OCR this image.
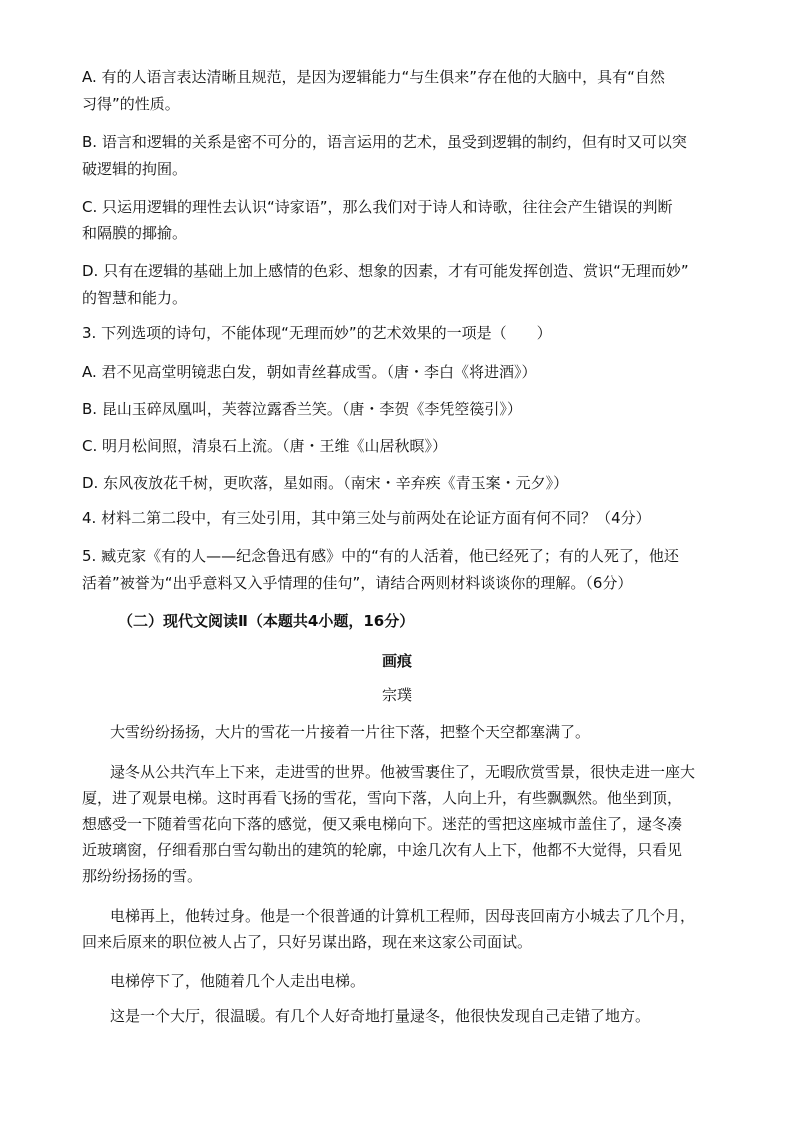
A. 有的人语言表达清晰且规范，是因为逻辑能力“与生俱来”存在他的大脑中，具有“自然
习得”的性质。
B. 语言和逻辑的关系是密不可分的，语言运用的艺术，虽受到逻辑的制约，但有时又可以突
破逻辑的拘囿。
C. 只运用逻辑的理性去认识“诗家语”，那么我们对于诗人和诗歌，往往会产生错误的判断
和隔膜的揶揄。
D. 只有在逻辑的基础上加上感情的色彩、想象的因素，才有可能发挥创造、赏识“无理而妙”
的智慧和能力。
3. 下列选项的诗句，不能体现“无理而妙”的艺术效果的一项是（　　）
A. 君不见高堂明镜悲白发，朝如青丝暮成雪。（唐・李白《将进酒》）
B. 昆山玉碎凤凰叫，芙蓉泣露香兰笑。（唐・李贺《李凭箜篌引》）
C. 明月松间照，清泉石上流。（唐・王维《山居秋暝》）
D. 东风夜放花千树，更吹落，星如雨。（南宋・辛弃疾《青玉案・元夕》）
4. 材料二第二段中，有三处引用，其中第三处与前两处在论证方面有何不同？（4分）
5. 臧克家《有的人——纪念鲁迅有感》中的“有的人活着，他已经死了；有的人死了，他还
活着”被誉为“出乎意料又入乎情理的佳句”，请结合两则材料谈谈你的理解。（6分）
（二）现代文阅读Ⅱ（本题共4小题，16分）
画痕
宗璞
大雪纷纷扬扬，大片的雪花一片接着一片往下落，把整个天空都塞满了。
逯冬从公共汽车上下来，走进雪的世界。他被雪裹住了，无暇欣赏雪景，很快走进一座大
厦，进了观景电梯。这时再看飞扬的雪花，雪向下落，人向上升，有些飘飘然。他坐到顶，
想感受一下随着雪花向下落的感觉，便又乘电梯向下。迷茫的雪把这座城市盖住了，逯冬凑
近玻璃窗，仔细看那白雪勾勒出的建筑的轮廓，中途几次有人上下，他都不大觉得，只看见
那纷纷扬扬的雪。
电梯再上，他转过身。他是一个很普通的计算机工程师，因母丧回南方小城去了几个月，
回来后原来的职位被人占了，只好另谋出路，现在来这家公司面试。
电梯停下了，他随着几个人走出电梯。
这是一个大厅，很温暖。有几个人好奇地打量逯冬，他很快发现自己走错了地方。
